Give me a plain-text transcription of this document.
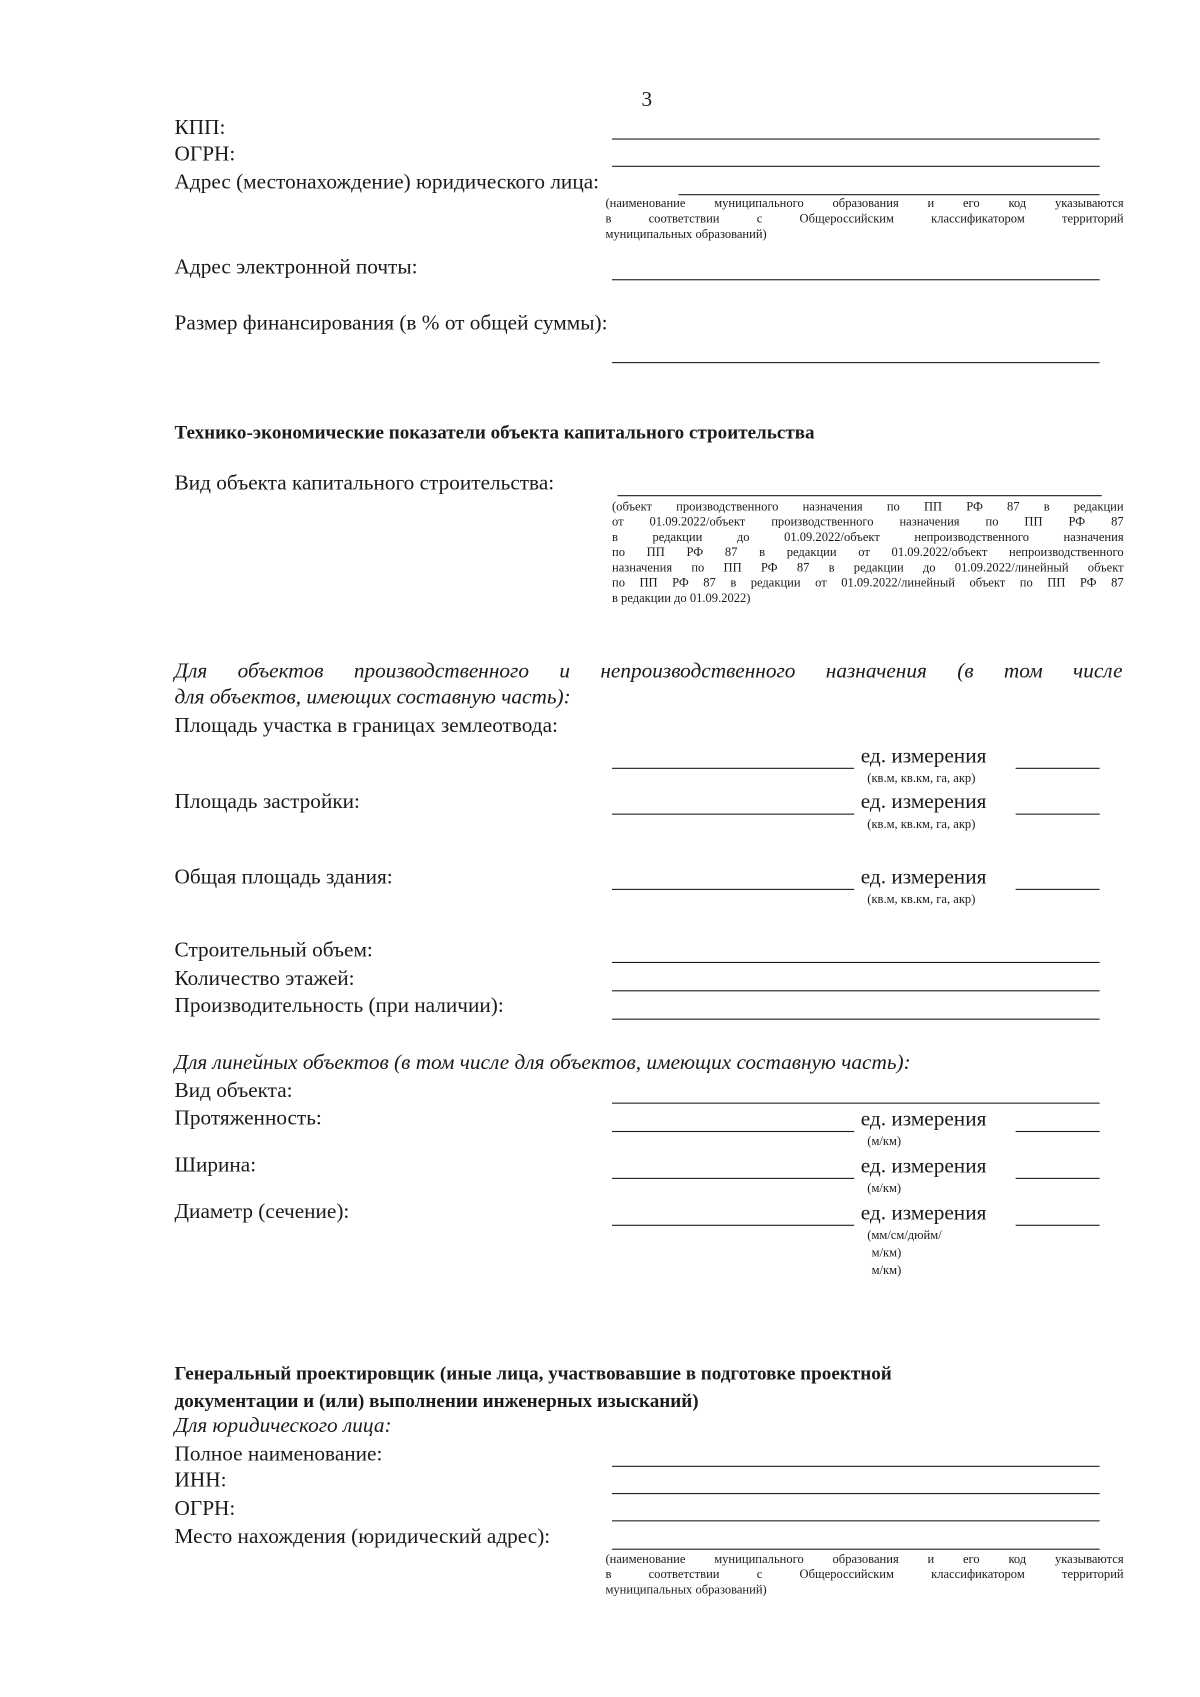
3
КПП:
ОГРН:
Адрес (местонахождение) юридического лица:
(наименование муниципального образования и его код указываются
в соответствии с Общероссийским классификатором территорий
муниципальных образований)
Адрес электронной почты:
Размер финансирования (в % от общей суммы):
Технико-экономические показатели объекта капитального строительства
Вид объекта капитального строительства:
(объект производственного назначения по ПП РФ 87 в редакции
от 01.09.2022/объект производственного назначения по ПП РФ 87
в редакции до 01.09.2022/объект непроизводственного назначения
по ПП РФ 87 в редакции от 01.09.2022/объект непроизводственного
назначения по ПП РФ 87 в редакции до 01.09.2022/линейный объект
по ПП РФ 87 в редакции от 01.09.2022/линейный объект по ПП РФ 87
в редакции до 01.09.2022)
Для объектов производственного и непроизводственного назначения (в том числе
для объектов, имеющих составную часть):
Площадь участка в границах землеотвода:
ед. измерения
(кв.м, кв.км, га, акр)
Площадь застройки:	ед. измерения
(кв.м, кв.км, га, акр)
Общая площадь здания:	ед. измерения
(кв.м, кв.км, га, акр)
Строительный объем:
Количество этажей:
Производительность (при наличии):
Для линейных объектов (в том числе для объектов, имеющих составную часть):
Вид объекта:
Протяженность:	ед. измерения
(м/км)
Ширина:	ед. измерения
(м/км)
Диаметр (сечение):	ед. измерения
(мм/см/дюйм/
м/км)
м/км)
Генеральный проектировщик (иные лица, участвовавшие в подготовке проектной
документации и (или) выполнении инженерных изысканий)
Для юридического лица:
Полное наименование:
ИНН:
ОГРН:
Место нахождения (юридический адрес):
(наименование муниципального образования и его код указываются
в соответствии с Общероссийским классификатором территорий
муниципальных образований)
